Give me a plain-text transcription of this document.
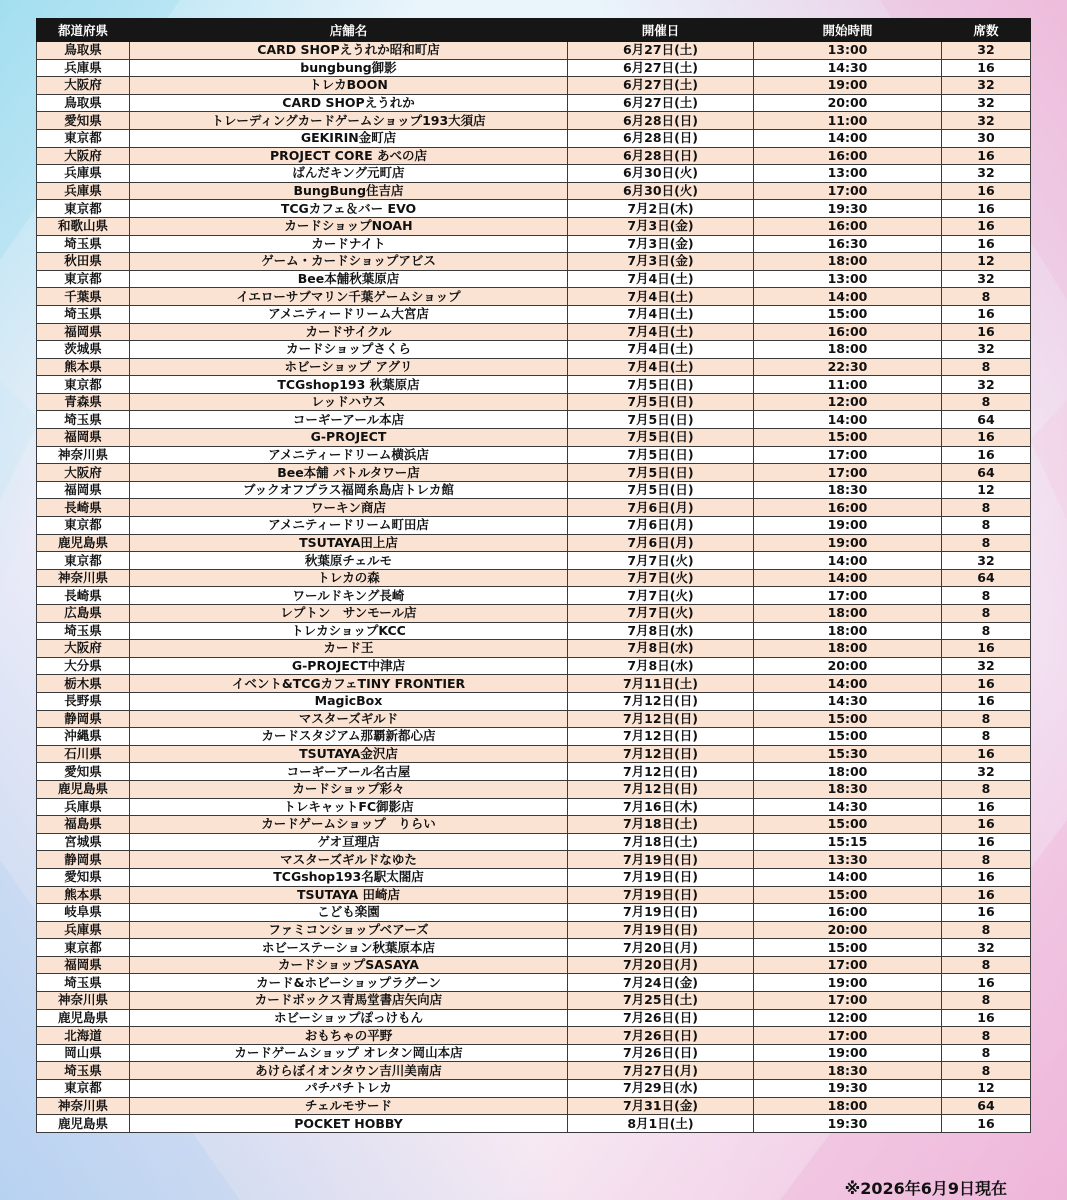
都道府県	店舗名	開催日	開始時間	席数
鳥取県	CARD SHOPえうれか昭和町店	6月27日(土)	13:00	32
兵庫県	bungbung御影	6月27日(土)	14:30	16
大阪府	トレカBOON	6月27日(土)	19:00	32
鳥取県	CARD SHOPえうれか	6月27日(土)	20:00	32
愛知県	トレーディングカードゲームショップ193大須店	6月28日(日)	11:00	32
東京都	GEKIRIN金町店	6月28日(日)	14:00	30
大阪府	PROJECT CORE あべの店	6月28日(日)	16:00	16
兵庫県	ばんだキング元町店	6月30日(火)	13:00	32
兵庫県	BungBung住吉店	6月30日(火)	17:00	16
東京都	TCGカフェ＆バー EVO	7月2日(木)	19:30	16
和歌山県	カードショップNOAH	7月3日(金)	16:00	16
埼玉県	カードナイト	7月3日(金)	16:30	16
秋田県	ゲーム・カードショップアビス	7月3日(金)	18:00	12
東京都	Bee本舗秋葉原店	7月4日(土)	13:00	32
千葉県	イエローサブマリン千葉ゲームショップ	7月4日(土)	14:00	8
埼玉県	アメニティードリーム大宮店	7月4日(土)	15:00	16
福岡県	カードサイクル	7月4日(土)	16:00	16
茨城県	カードショップさくら	7月4日(土)	18:00	32
熊本県	ホビーショップ アグリ	7月4日(土)	22:30	8
東京都	TCGshop193 秋葉原店	7月5日(日)	11:00	32
青森県	レッドハウス	7月5日(日)	12:00	8
埼玉県	コーギーアール本店	7月5日(日)	14:00	64
福岡県	G-PROJECT	7月5日(日)	15:00	16
神奈川県	アメニティードリーム横浜店	7月5日(日)	17:00	16
大阪府	Bee本舗 バトルタワー店	7月5日(日)	17:00	64
福岡県	ブックオフプラス福岡糸島店トレカ館	7月5日(日)	18:30	12
長崎県	ワーキン商店	7月6日(月)	16:00	8
東京都	アメニティードリーム町田店	7月6日(月)	19:00	8
鹿児島県	TSUTAYA田上店	7月6日(月)	19:00	8
東京都	秋葉原チェルモ	7月7日(火)	14:00	32
神奈川県	トレカの森	7月7日(火)	14:00	64
長崎県	ワールドキング長崎	7月7日(火)	17:00	8
広島県	レプトン　サンモール店	7月7日(火)	18:00	8
埼玉県	トレカショップKCC	7月8日(水)	18:00	8
大阪府	カード王	7月8日(水)	18:00	16
大分県	G-PROJECT中津店	7月8日(水)	20:00	32
栃木県	イベント&TCGカフェTINY FRONTIER	7月11日(土)	14:00	16
長野県	MagicBox	7月12日(日)	14:30	16
静岡県	マスターズギルド	7月12日(日)	15:00	8
沖縄県	カードスタジアム那覇新都心店	7月12日(日)	15:00	8
石川県	TSUTAYA金沢店	7月12日(日)	15:30	16
愛知県	コーギーアール名古屋	7月12日(日)	18:00	32
鹿児島県	カードショップ彩々	7月12日(日)	18:30	8
兵庫県	トレキャットFC御影店	7月16日(木)	14:30	16
福島県	カードゲームショップ　りらい	7月18日(土)	15:00	16
宮城県	ゲオ亘理店	7月18日(土)	15:15	16
静岡県	マスターズギルドなゆた	7月19日(日)	13:30	8
愛知県	TCGshop193名駅太閤店	7月19日(日)	14:00	16
熊本県	TSUTAYA 田崎店	7月19日(日)	15:00	16
岐阜県	こども楽園	7月19日(日)	16:00	16
兵庫県	ファミコンショップベアーズ	7月19日(日)	20:00	8
東京都	ホビーステーション秋葉原本店	7月20日(月)	15:00	32
福岡県	カードショップSASAYA	7月20日(月)	17:00	8
埼玉県	カード&ホビーショップラグーン	7月24日(金)	19:00	16
神奈川県	カードボックス青馬堂書店矢向店	7月25日(土)	17:00	8
鹿児島県	ホビーショップぽっけもん	7月26日(日)	12:00	16
北海道	おもちゃの平野	7月26日(日)	17:00	8
岡山県	カードゲームショップ オレタン岡山本店	7月26日(日)	19:00	8
埼玉県	あけらぼイオンタウン吉川美南店	7月27日(月)	18:30	8
東京都	パチパチトレカ	7月29日(水)	19:30	12
神奈川県	チェルモサード	7月31日(金)	18:00	64
鹿児島県	POCKET HOBBY	8月1日(土)	19:30	16
※2026年6月9日現在
